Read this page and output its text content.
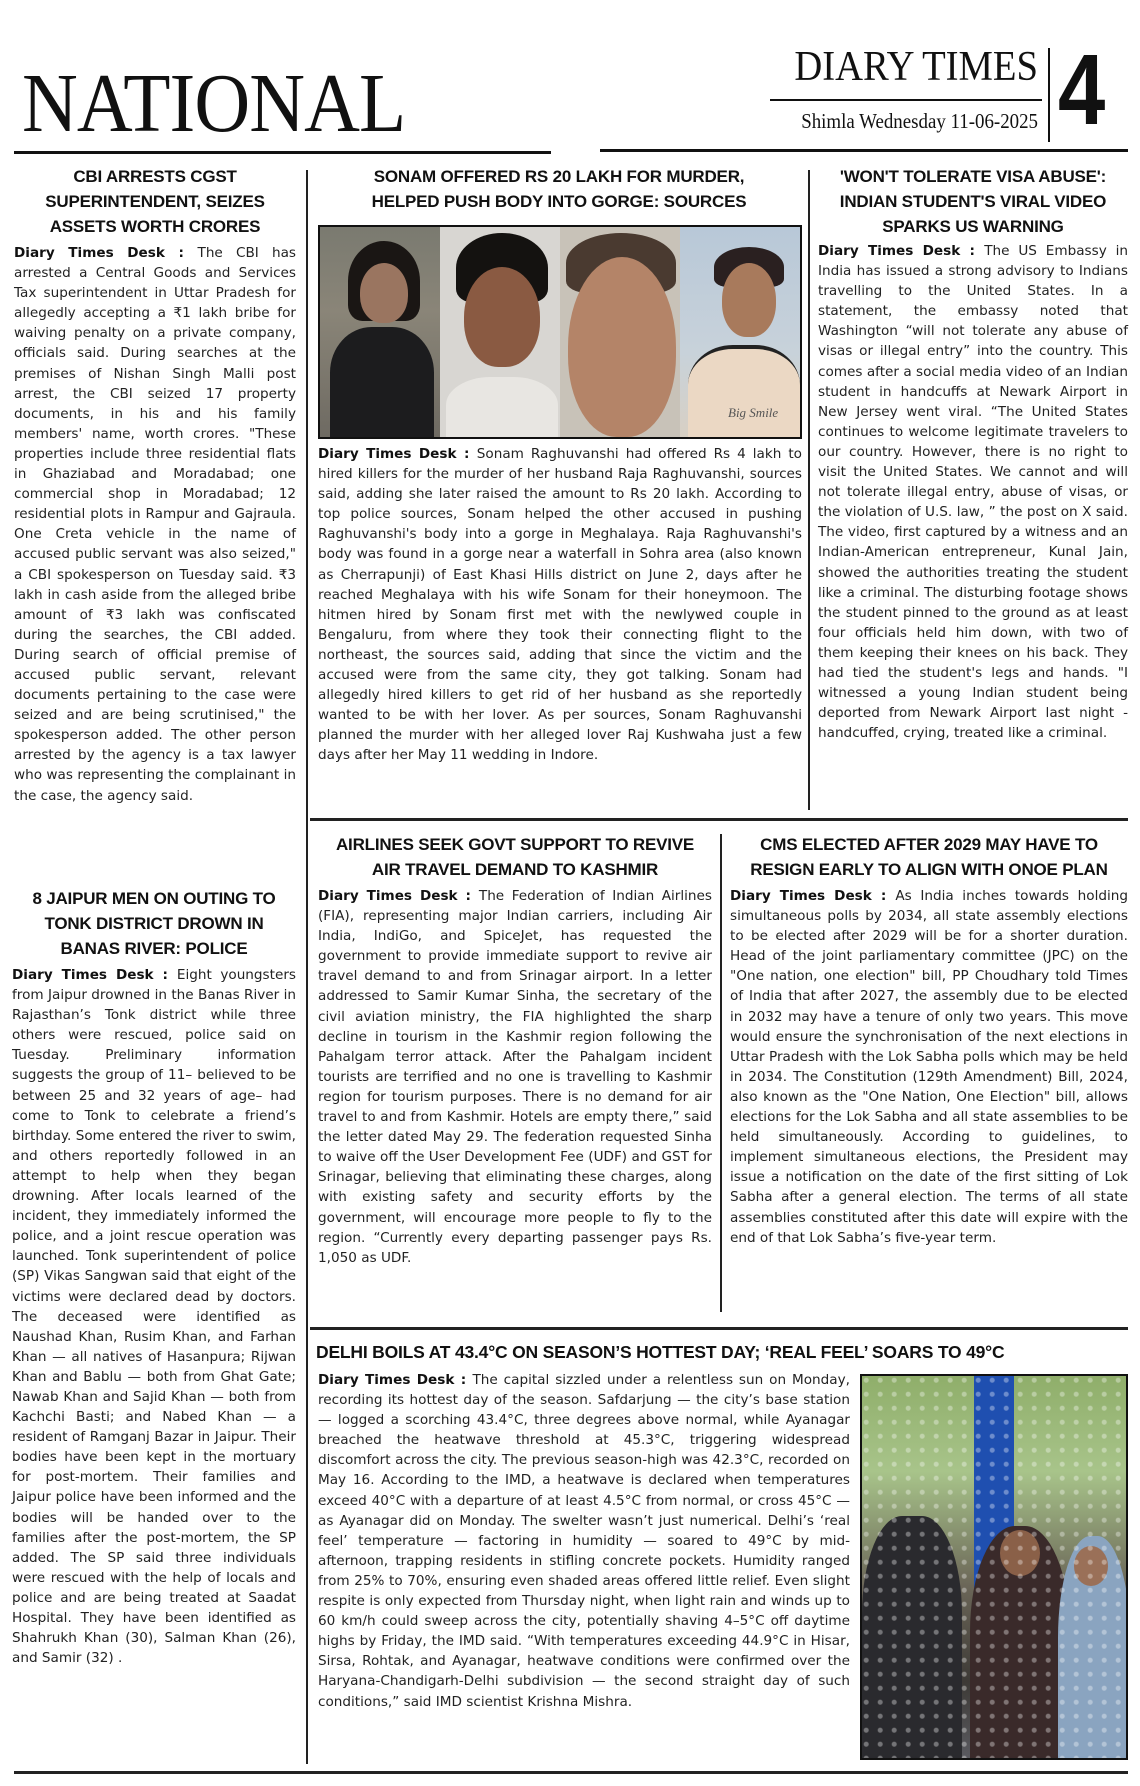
NATIONAL	DIARY TIMES
Shimla Wednesday 11-06-2025 4
CBI ARRESTS CGST SUPERINTENDENT, SEIZES ASSETS WORTH CRORES

Diary Times Desk : The CBI has arrested a Central Goods and Services Tax superintendent in Uttar Pradesh for allegedly accepting a ₹1 lakh bribe for waiving penalty on a private company, officials said. During searches at the premises of Nishan Singh Malli post arrest, the CBI seized 17 property documents, in his and his family members' name, worth crores. "These properties include three residential flats in Ghaziabad and Moradabad; one commercial shop in Moradabad; 12 residential plots in Rampur and Gajraula. One Creta vehicle in the name of accused public servant was also seized," a CBI spokesperson on Tuesday said. ₹3 lakh in cash aside from the alleged bribe amount of ₹3 lakh was confiscated during the searches, the CBI added. During search of official premise of accused public servant, relevant documents pertaining to the case were seized and are being scrutinised," the spokesperson added. The other person arrested by the agency is a tax lawyer who was representing the complainant in the case, the agency said.

8 JAIPUR MEN ON OUTING TO TONK DISTRICT DROWN IN BANAS RIVER: POLICE

Diary Times Desk : Eight youngsters from Jaipur drowned in the Banas River in Rajasthan’s Tonk district while three others were rescued, police said on Tuesday. Preliminary information suggests the group of 11– believed to be between 25 and 32 years of age– had come to Tonk to celebrate a friend’s birthday. Some entered the river to swim, and others reportedly followed in an attempt to help when they began drowning. After locals learned of the incident, they immediately informed the police, and a joint rescue operation was launched. Tonk superintendent of police (SP) Vikas Sangwan said that eight of the victims were declared dead by doctors. The deceased were identified as Naushad Khan, Rusim Khan, and Farhan Khan — all natives of Hasanpura; Rijwan Khan and Bablu — both from Ghat Gate; Nawab Khan and Sajid Khan — both from Kachchi Basti; and Nabed Khan — a resident of Ramganj Bazar in Jaipur. Their bodies have been kept in the mortuary for post-mortem. Their families and Jaipur police have been informed and the bodies will be handed over to the families after the post-mortem, the SP added. The SP said three individuals were rescued with the help of locals and police and are being treated at Saadat Hospital. They have been identified as Shahrukh Khan (30), Salman Khan (26), and Samir (32) .

SONAM OFFERED RS 20 LAKH FOR MURDER, HELPED PUSH BODY INTO GORGE: SOURCES
Big Smile

Diary Times Desk : Sonam Raghuvanshi had offered Rs 4 lakh to hired killers for the murder of her husband Raja Raghuvanshi, sources said, adding she later raised the amount to Rs 20 lakh. According to top police sources, Sonam helped the other accused in pushing Raghuvanshi's body into a gorge in Meghalaya. Raja Raghuvanshi's body was found in a gorge near a waterfall in Sohra area (also known as Cherrapunji) of East Khasi Hills district on June 2, days after he reached Meghalaya with his wife Sonam for their honeymoon. The hitmen hired by Sonam first met with the newlywed couple in Bengaluru, from where they took their connecting flight to the northeast, the sources said, adding that since the victim and the accused were from the same city, they got talking. Sonam had allegedly hired killers to get rid of her husband as she reportedly wanted to be with her lover. As per sources, Sonam Raghuvanshi planned the murder with her alleged lover Raj Kushwaha just a few days after her May 11 wedding in Indore.

'WON'T TOLERATE VISA ABUSE': INDIAN STUDENT'S VIRAL VIDEO SPARKS US WARNING

Diary Times Desk : The US Embassy in India has issued a strong advisory to Indians travelling to the United States. In a statement, the embassy noted that Washington “will not tolerate any abuse of visas or illegal entry” into the country. This comes after a social media video of an Indian student in handcuffs at Newark Airport in New Jersey went viral. “The United States continues to welcome legitimate travelers to our country. However, there is no right to visit the United States. We cannot and will not tolerate illegal entry, abuse of visas, or the violation of U.S. law, ” the post on X said. The video, first captured by a witness and an Indian-American entrepreneur, Kunal Jain, showed the authorities treating the student like a criminal. The disturbing footage shows the student pinned to the ground as at least four officials held him down, with two of them keeping their knees on his back. They had tied the student's legs and hands. "I witnessed a young Indian student being deported from Newark Airport last night - handcuffed, crying, treated like a criminal.

AIRLINES SEEK GOVT SUPPORT TO REVIVE AIR TRAVEL DEMAND TO KASHMIR

Diary Times Desk : The Federation of Indian Airlines (FIA), representing major Indian carriers, including Air India, IndiGo, and SpiceJet, has requested the government to provide immediate support to revive air travel demand to and from Srinagar airport. In a letter addressed to Samir Kumar Sinha, the secretary of the civil aviation ministry, the FIA highlighted the sharp decline in tourism in the Kashmir region following the Pahalgam terror attack. After the Pahalgam incident tourists are terrified and no one is travelling to Kashmir region for tourism purposes. There is no demand for air travel to and from Kashmir. Hotels are empty there,” said the letter dated May 29. The federation requested Sinha to waive off the User Development Fee (UDF) and GST for Srinagar, believing that eliminating these charges, along with existing safety and security efforts by the government, will encourage more people to fly to the region. “Currently every departing passenger pays Rs. 1,050 as UDF.

CMS ELECTED AFTER 2029 MAY HAVE TO RESIGN EARLY TO ALIGN WITH ONOE PLAN

Diary Times Desk : As India inches towards holding simultaneous polls by 2034, all state assembly elections to be elected after 2029 will be for a shorter duration. Head of the joint parliamentary committee (JPC) on the "One nation, one election" bill, PP Choudhary told Times of India that after 2027, the assembly due to be elected in 2032 may have a tenure of only two years. This move would ensure the synchronisation of the next elections in Uttar Pradesh with the Lok Sabha polls which may be held in 2034. The Constitution (129th Amendment) Bill, 2024, also known as the "One Nation, One Election" bill, allows elections for the Lok Sabha and all state assemblies to be held simultaneously. According to guidelines, to implement simultaneous elections, the President may issue a notification on the date of the first sitting of Lok Sabha after a general election. The terms of all state assemblies constituted after this date will expire with the end of that Lok Sabha’s five-year term.

DELHI BOILS AT 43.4°C ON SEASON’S HOTTEST DAY; ‘REAL FEEL’ SOARS TO 49°C

Diary Times Desk : The capital sizzled under a relentless sun on Monday, recording its hottest day of the season. Safdarjung — the city’s base station — logged a scorching 43.4°C, three degrees above normal, while Ayanagar breached the heatwave threshold at 45.3°C, triggering widespread discomfort across the city. The previous season-high was 42.3°C, recorded on May 16. According to the IMD, a heatwave is declared when temperatures exceed 40°C with a departure of at least 4.5°C from normal, or cross 45°C — as Ayanagar did on Monday. The swelter wasn’t just numerical. Delhi’s ‘real feel’ temperature — factoring in humidity — soared to 49°C by mid-afternoon, trapping residents in stifling concrete pockets. Humidity ranged from 25% to 70%, ensuring even shaded areas offered little relief. Even slight respite is only expected from Thursday night, when light rain and winds up to 60 km/h could sweep across the city, potentially shaving 4–5°C off daytime highs by Friday, the IMD said. “With temperatures exceeding 44.9°C in Hisar, Sirsa, Rohtak, and Ayanagar, heatwave conditions were confirmed over the Haryana-Chandigarh-Delhi subdivision — the second straight day of such conditions,” said IMD scientist Krishna Mishra.
